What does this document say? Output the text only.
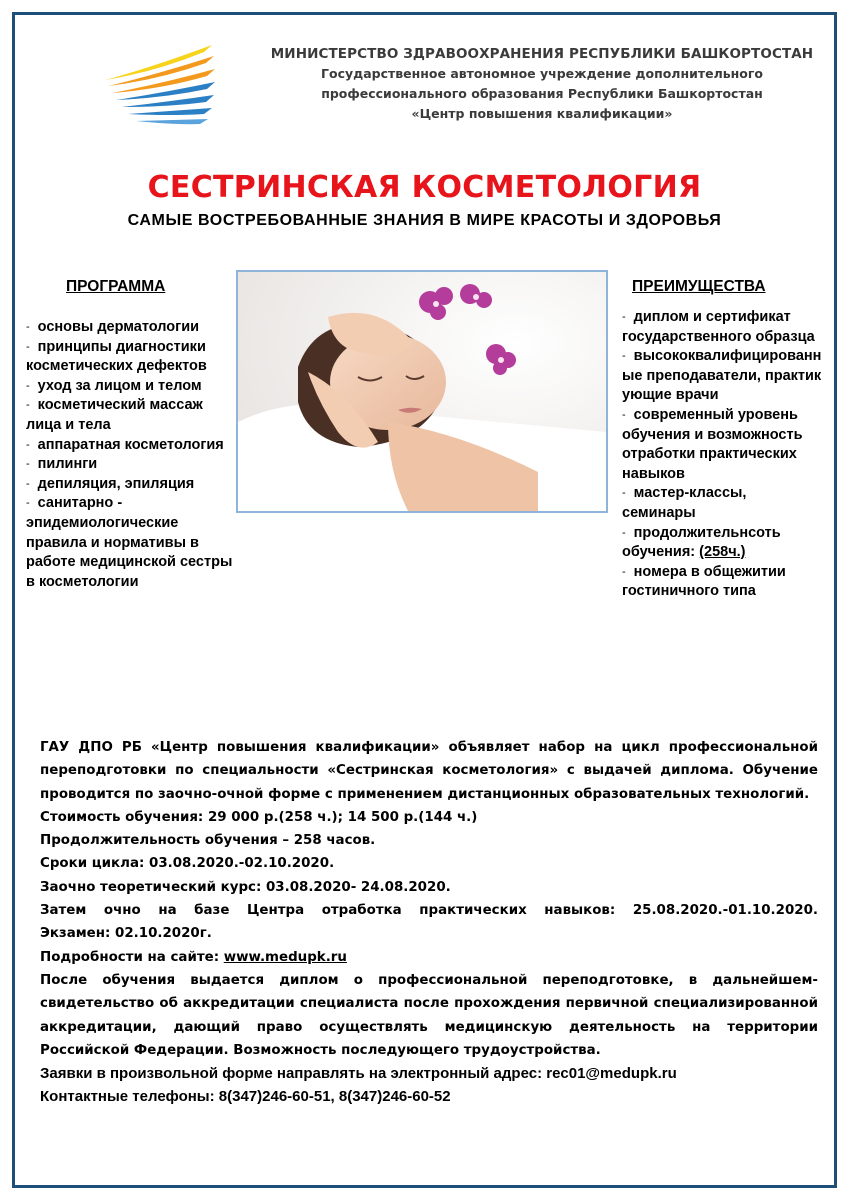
МИНИСТЕРСТВО ЗДРАВООХРАНЕНИЯ РЕСПУБЛИКИ БАШКОРТОСТАН
Государственное автономное учреждение дополнительного
профессионального образования Республики Башкортостан
«Центр повышения квалификации»
СЕСТРИНСКАЯ КОСМЕТОЛОГИЯ
САМЫЕ ВОСТРЕБОВАННЫЕ ЗНАНИЯ В МИРЕ КРАСОТЫ И ЗДОРОВЬЯ
ПРОГРАММА
- основы дерматологии
- принципы диагностики косметических дефектов
- уход за лицом и телом
- косметический массаж лица и тела
- аппаратная косметология
- пилинги
- депиляция, эпиляция
- санитарно - эпидемиологические правила и нормативы в работе медицинской сестры в косметологии
ПРЕИМУЩЕСТВА
- диплом и сертификат государственного образца
- высококвалифицированные преподаватели, практикующие врачи
- современный уровень обучения и возможность отработки практических навыков
- мастер-классы, семинары
- продолжительнсоть обучения: (258ч.)
- номера в общежитии гостиничного типа

ГАУ ДПО РБ «Центр повышения квалификации» объявляет набор на цикл профессиональной переподготовки по специальности «Сестринская косметология» с выдачей диплома. Обучение проводится по заочно-очной форме с применением дистанционных образовательных технологий.

Стоимость обучения: 29 000 р.(258 ч.); 14 500 р.(144 ч.)

Продолжительность обучения – 258 часов.

Сроки цикла: 03.08.2020.-02.10.2020.

Заочно теоретический курс: 03.08.2020- 24.08.2020.

Затем очно на базе Центра отработка практических навыков: 25.08.2020.-01.10.2020.

Экзамен: 02.10.2020г.

Подробности на сайте: www.medupk.ru

После обучения выдается диплом о профессиональной переподготовке, в дальнейшем- свидетельство об аккредитации специалиста после прохождения первичной специализированной аккредитации, дающий право осуществлять медицинскую деятельность на территории Российской Федерации. Возможность последующего трудоустройства.

Заявки в произвольной форме направлять на электронный адрес: rec01@medupk.ru

Контактные телефоны: 8(347)246-60-51, 8(347)246-60-52
